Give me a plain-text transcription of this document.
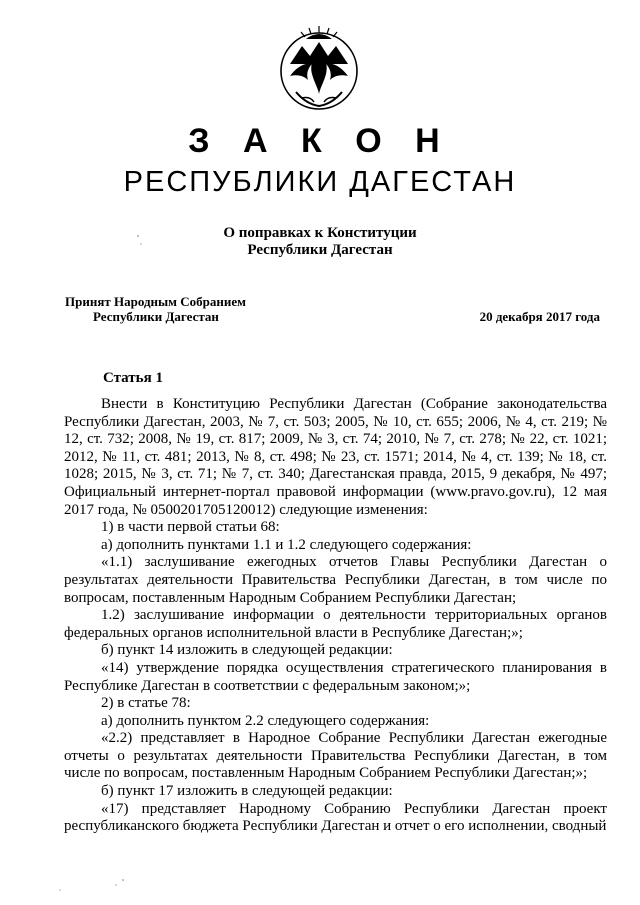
З А К О Н
РЕСПУБЛИКИ ДАГЕСТАН
О поправках к Конституции
Республики Дагестан
Принят Народным Собранием
Республики Дагестан	20 декабря 2017 года
Статья 1

Внести в Конституцию Республики Дагестан (Собрание законодательства Республики Дагестан, 2003, № 7, ст. 503; 2005, № 10, ст. 655; 2006, № 4, ст. 219; № 12, ст. 732; 2008, № 19, ст. 817; 2009, № 3, ст. 74; 2010, № 7, ст. 278; № 22, ст. 1021; 2012, № 11, ст. 481; 2013, № 8, ст. 498; № 23, ст. 1571; 2014, № 4, ст. 139; № 18, ст. 1028; 2015, № 3, ст. 71; № 7, ст. 340; Дагестанская правда, 2015, 9 декабря, № 497; Официальный интернет-портал правовой информации (www.pravo.gov.ru), 12 мая 2017 года, № 0500201705120012) следующие изменения:

1) в части первой статьи 68:

а) дополнить пунктами 1.1 и 1.2 следующего содержания:

«1.1) заслушивание ежегодных отчетов Главы Республики Дагестан о результатах деятельности Правительства Республики Дагестан, в том числе по вопросам, поставленным Народным Собранием Республики Дагестан;

1.2) заслушивание информации о деятельности территориальных органов федеральных органов исполнительной власти в Республике Дагестан;»;

б) пункт 14 изложить в следующей редакции:

«14) утверждение порядка осуществления стратегического планирования в Республике Дагестан в соответствии с федеральным законом;»;

2) в статье 78:

а) дополнить пунктом 2.2 следующего содержания:

«2.2) представляет в Народное Собрание Республики Дагестан ежегодные отчеты о результатах деятельности Правительства Республики Дагестан, в том числе по вопросам, поставленным Народным Собранием Республики Дагестан;»;

б) пункт 17 изложить в следующей редакции:

«17) представляет Народному Собранию Республики Дагестан проект республиканского бюджета Республики Дагестан и отчет о его исполнении, сводный
